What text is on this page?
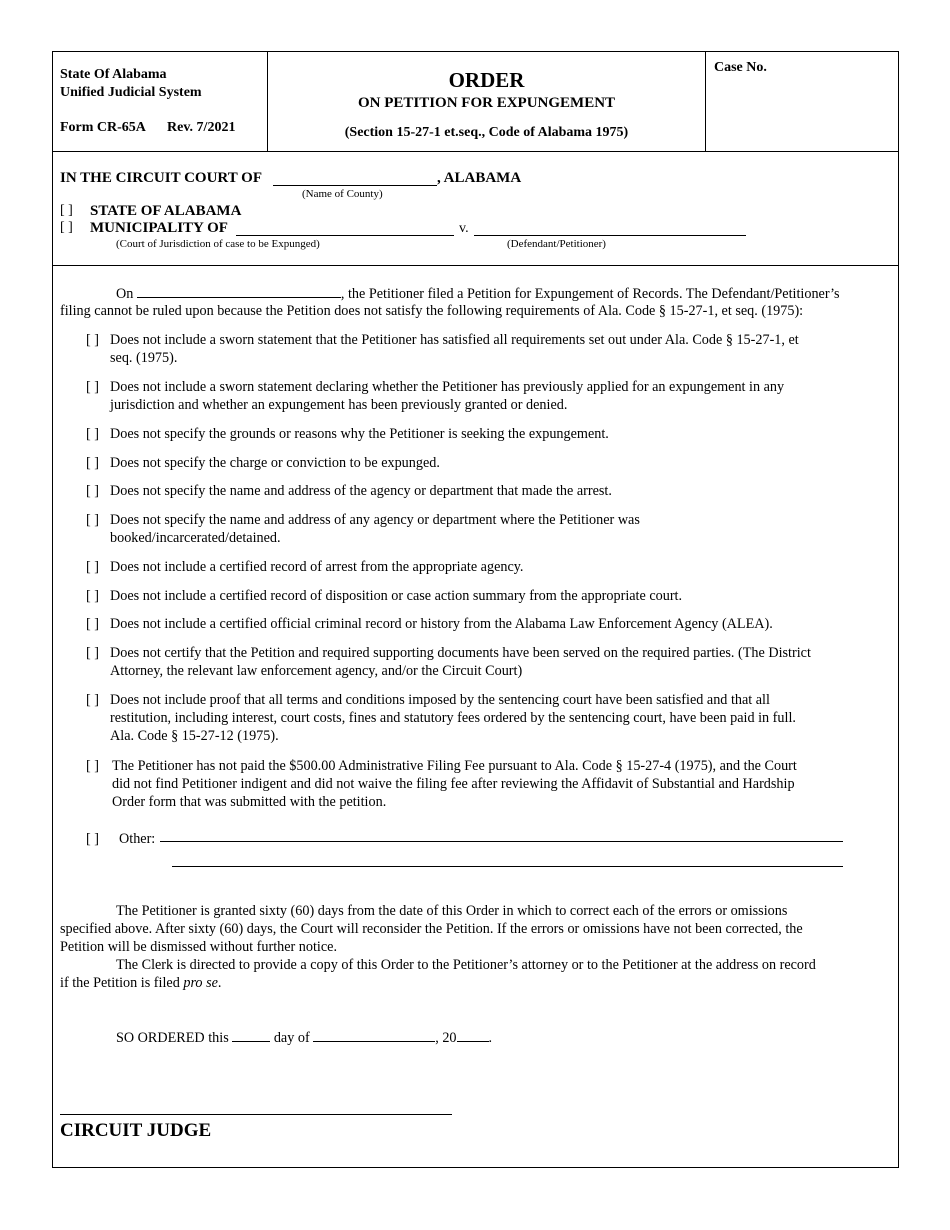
State Of Alabama
Unified Judicial System
Form CR-65A Rev. 7/2021
ORDER
ON PETITION FOR EXPUNGEMENT
(Section 15-27-1 et.seq., Code of Alabama 1975)
Case No.
IN THE CIRCUIT COURT OF	, ALABAMA
(Name of County)
[ ] STATE OF ALABAMA
[ ] MUNICIPALITY OF	v.
(Court of Jurisdiction of case to be Expunged)	(Defendant/Petitioner)
On	, the Petitioner filed a Petition for Expungement of Records. The Defendant/Petitioner’s
filing cannot be ruled upon because the Petition does not satisfy the following requirements of Ala. Code § 15-27-1, et seq. (1975):
[ ] Does not include a sworn statement that the Petitioner has satisfied all requirements set out under Ala. Code § 15-27-1, et
seq. (1975).
[ ] Does not include a sworn statement declaring whether the Petitioner has previously applied for an expungement in any
jurisdiction and whether an expungement has been previously granted or denied.
[ ] Does not specify the grounds or reasons why the Petitioner is seeking the expungement.
[ ] Does not specify the charge or conviction to be expunged.
[ ] Does not specify the name and address of the agency or department that made the arrest.
[ ] Does not specify the name and address of any agency or department where the Petitioner was
booked/incarcerated/detained.
[ ] Does not include a certified record of arrest from the appropriate agency.
[ ] Does not include a certified record of disposition or case action summary from the appropriate court.
[ ] Does not include a certified official criminal record or history from the Alabama Law Enforcement Agency (ALEA).
[ ] Does not certify that the Petition and required supporting documents have been served on the required parties. (The District
Attorney, the relevant law enforcement agency, and/or the Circuit Court)
[ ] Does not include proof that all terms and conditions imposed by the sentencing court have been satisfied and that all
restitution, including interest, court costs, fines and statutory fees ordered by the sentencing court, have been paid in full.
Ala. Code § 15-27-12 (1975).
[ ] The Petitioner has not paid the $500.00 Administrative Filing Fee pursuant to Ala. Code § 15-27-4 (1975), and the Court
did not find Petitioner indigent and did not waive the filing fee after reviewing the Affidavit of Substantial and Hardship
Order form that was submitted with the petition.
[ ] Other:
The Petitioner is granted sixty (60) days from the date of this Order in which to correct each of the errors or omissions
specified above. After sixty (60) days, the Court will reconsider the Petition. If the errors or omissions have not been corrected, the
Petition will be dismissed without further notice.
The Clerk is directed to provide a copy of this Order to the Petitioner’s attorney or to the Petitioner at the address on record
if the Petition is filed pro se.
SO ORDERED this	day of	, 20 .
CIRCUIT JUDGE
